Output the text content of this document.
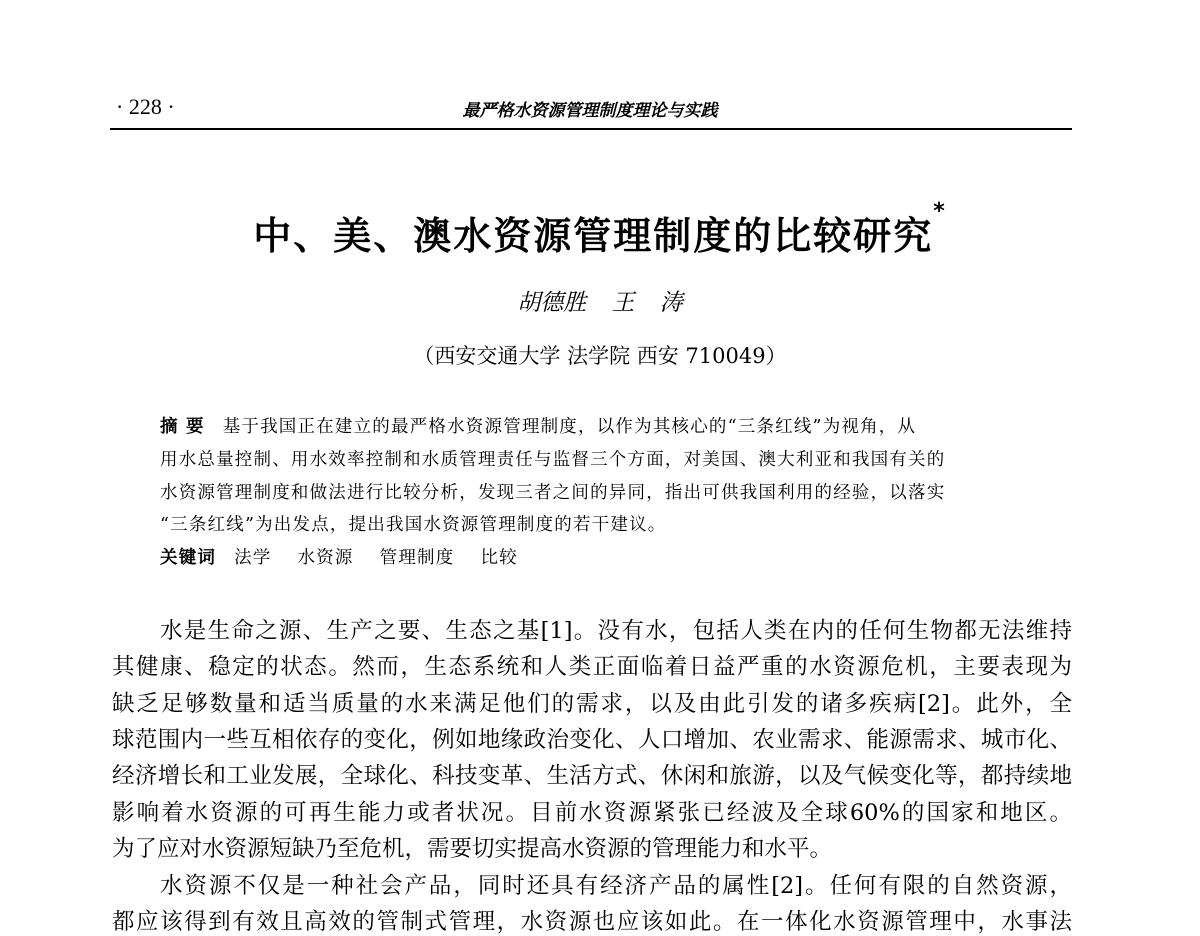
· 228 ·	最严格水资源管理制度理论与实践
中、美、澳水资源管理制度的比较研究*
胡德胜 王 涛
（西安交通大学 法学院 西安 710049）
摘 要 基于我国正在建立的最严格水资源管理制度，以作为其核心的“三条红线”为视角，从
用水总量控制、用水效率控制和水质管理责任与监督三个方面，对美国、澳大利亚和我国有关的
水资源管理制度和做法进行比较分析，发现三者之间的异同，指出可供我国利用的经验，以落实
“三条红线”为出发点，提出我国水资源管理制度的若干建议。
关键词 法学 水资源 管理制度 比较
水是生命之源、生产之要、生态之基[1]。没有水，包括人类在内的任何生物都无法维持
其健康、稳定的状态。然而，生态系统和人类正面临着日益严重的水资源危机，主要表现为
缺乏足够数量和适当质量的水来满足他们的需求，以及由此引发的诸多疾病[2]。此外，全
球范围内一些互相依存的变化，例如地缘政治变化、人口增加、农业需求、能源需求、城市化、
经济增长和工业发展，全球化、科技变革、生活方式、休闲和旅游，以及气候变化等，都持续地
影响着水资源的可再生能力或者状况。目前水资源紧张已经波及全球60%的国家和地区。
为了应对水资源短缺乃至危机，需要切实提高水资源的管理能力和水平。
水资源不仅是一种社会产品，同时还具有经济产品的属性[2]。任何有限的自然资源，
都应该得到有效且高效的管制式管理，水资源也应该如此。在一体化水资源管理中，水事法
